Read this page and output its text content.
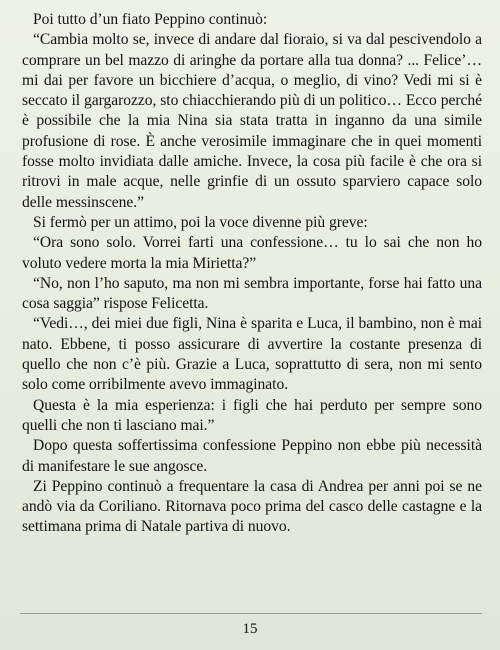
Poi tutto d’un fiato Peppino continuò:

“Cambia molto se, invece di andare dal fioraio, si va dal pescivendolo a comprare un bel mazzo di aringhe da portare alla tua donna? ... Felice’… mi dai per favore un bicchiere d’acqua, o meglio, di vino? Vedi mi si è seccato il gargarozzo, sto chiacchierando più di un politico… Ecco perché è possibile che la mia Nina sia stata tratta in inganno da una simile profusione di rose. È anche verosimile immaginare che in quei momenti fosse molto invidiata dalle amiche. Invece, la cosa più facile è che ora si ritrovi in male acque, nelle grinfie di un ossuto sparviero capace solo delle messinscene.”

Si fermò per un attimo, poi la voce divenne più greve:

“Ora sono solo. Vorrei farti una confessione… tu lo sai che non ho voluto vedere morta la mia Mirietta?”

“No, non l’ho saputo, ma non mi sembra importante, forse hai fatto una cosa saggia” rispose Felicetta.

“Vedi…, dei miei due figli, Nina è sparita e Luca, il bambino, non è mai nato. Ebbene, ti posso assicurare di avvertire la costante presenza di quello che non c’è più. Grazie a Luca, soprattutto di sera, non mi sento solo come orribilmente avevo immaginato.

Questa è la mia esperienza: i figli che hai perduto per sempre sono quelli che non ti lasciano mai.”

Dopo questa soffertissima confessione Peppino non ebbe più necessità di manifestare le sue angosce.

Zi Peppino continuò a frequentare la casa di Andrea per anni poi se ne andò via da Coriliano. Ritornava poco prima del casco delle castagne e la settimana prima di Natale partiva di nuovo.

15
